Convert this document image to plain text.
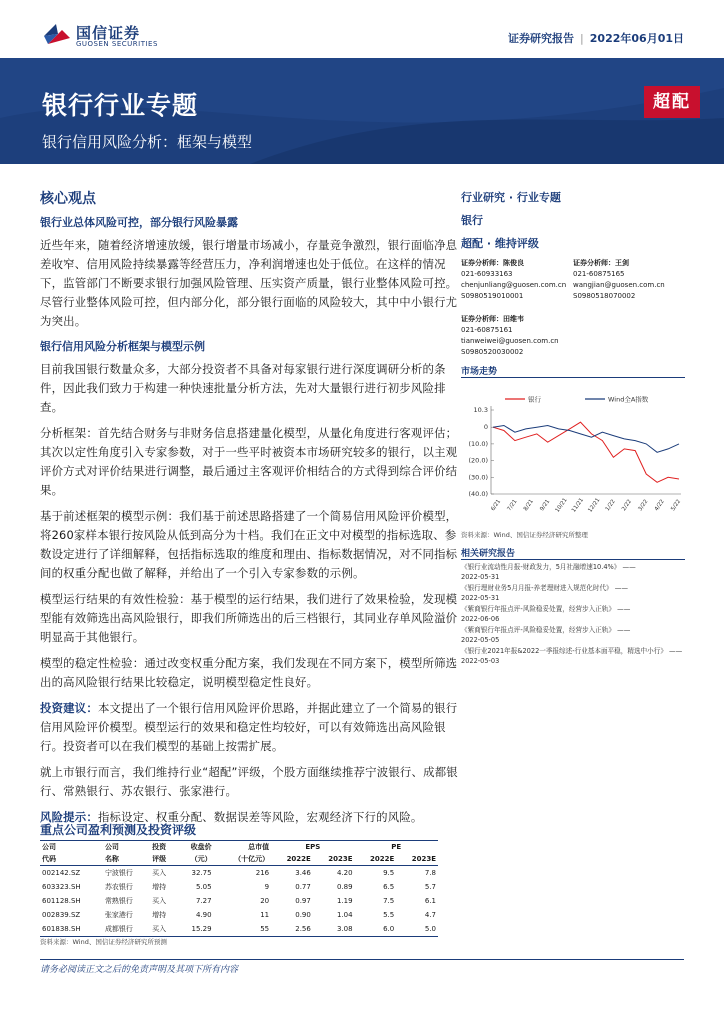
国信证券
GUOSEN SECURITIES	证券研究报告 | 2022年06月01日
银行行业专题
银行信用风险分析：框架与模型
超配
核心观点
银行业总体风险可控，部分银行风险暴露

近些年来，随着经济增速放缓，银行增量市场减小，存量竞争激烈，银行面临净息差收窄、信用风险持续暴露等经营压力，净利润增速也处于低位。在这样的情况下，监管部门不断要求银行加强风险管理、压实资产质量，银行业整体风险可控。尽管行业整体风险可控，但内部分化，部分银行面临的风险较大，其中中小银行尤为突出。

银行信用风险分析框架与模型示例

目前我国银行数量众多，大部分投资者不具备对每家银行进行深度调研分析的条件，因此我们致力于构建一种快速批量分析方法，先对大量银行进行初步风险排查。

分析框架：首先结合财务与非财务信息搭建量化模型，从量化角度进行客观评估；其次以定性角度引入专家参数，对于一些平时被资本市场研究较多的银行，以主观评价方式对评价结果进行调整，最后通过主客观评价相结合的方式得到综合评价结果。

基于前述框架的模型示例：我们基于前述思路搭建了一个简易信用风险评价模型，将260家样本银行按风险从低到高分为十档。我们在正文中对模型的指标选取、参数设定进行了详细解释，包括指标选取的维度和理由、指标数据情况，对不同指标间的权重分配也做了解释，并给出了一个引入专家参数的示例。

模型运行结果的有效性检验：基于模型的运行结果，我们进行了效果检验，发现模型能有效筛选出高风险银行，即我们所筛选出的后三档银行，其同业存单风险溢价明显高于其他银行。

模型的稳定性检验：通过改变权重分配方案，我们发现在不同方案下，模型所筛选出的高风险银行结果比较稳定，说明模型稳定性良好。

投资建议：本文提出了一个银行信用风险评价思路，并据此建立了一个简易的银行信用风险评价模型。模型运行的效果和稳定性均较好，可以有效筛选出高风险银行。投资者可以在我们模型的基础上按需扩展。

就上市银行而言，我们维持行业“超配”评级，个股方面继续推荐宁波银行、成都银行、常熟银行、苏农银行、张家港行。

风险提示：指标设定、权重分配、数据误差等风险，宏观经济下行的风险。

重点公司盈利预测及投资评级
公司	公司	投资	收盘价	总市值	EPS		PE	
代码	名称	评级	（元）	（十亿元）	2022E	2023E	2022E	2023E
002142.SZ	宁波银行	买入	32.75	216	3.46	4.20	9.5	7.8
603323.SH	苏农银行	增持	5.05	9	0.77	0.89	6.5	5.7
601128.SH	常熟银行	买入	7.27	20	0.97	1.19	7.5	6.1
002839.SZ	张家港行	增持	4.90	11	0.90	1.04	5.5	4.7
601838.SH	成都银行	买入	15.29	55	2.56	3.08	6.0	5.0
资料来源：Wind、国信证券经济研究所预测
行业研究 · 行业专题
银行
超配 · 维持评级
证券分析师：陈俊良
021-60933163
chenjunliang@guosen.com.cn
S0980519010001
证券分析师：王剑
021-60875165
wangjian@guosen.com.cn
S0980518070002
证券分析师：田维韦
021-60875161
tianweiwei@guosen.com.cn
S0980520030002
市场走势
银行	Wind全A指数
10.3
0
(10.0)
(20.0)
(30.0)
(40.0)
6/21 7/21 8/21 9/21 10/21 11/21 12/21 1/22 2/22 3/22 4/22 5/22
资料来源：Wind、国信证券经济研究所整理
相关研究报告
《银行业流动性月报-财政发力，5月社融增速10.4%》 ——
2022-05-31
《银行理财业务5月月报-养老理财进入规范化时代》 ——
2022-05-31
《紫商银行年报点评-风险稳妥处置，经营步入正轨》 ——
2022-06-06
《紫商银行年报点评-风险稳妥处置，经营步入正轨》 ——
2022-05-05
《银行业2021年报&2022一季报综述-行业基本面平稳，精选中小行》 ——
2022-05-03
请务必阅读正文之后的免责声明及其项下所有内容
